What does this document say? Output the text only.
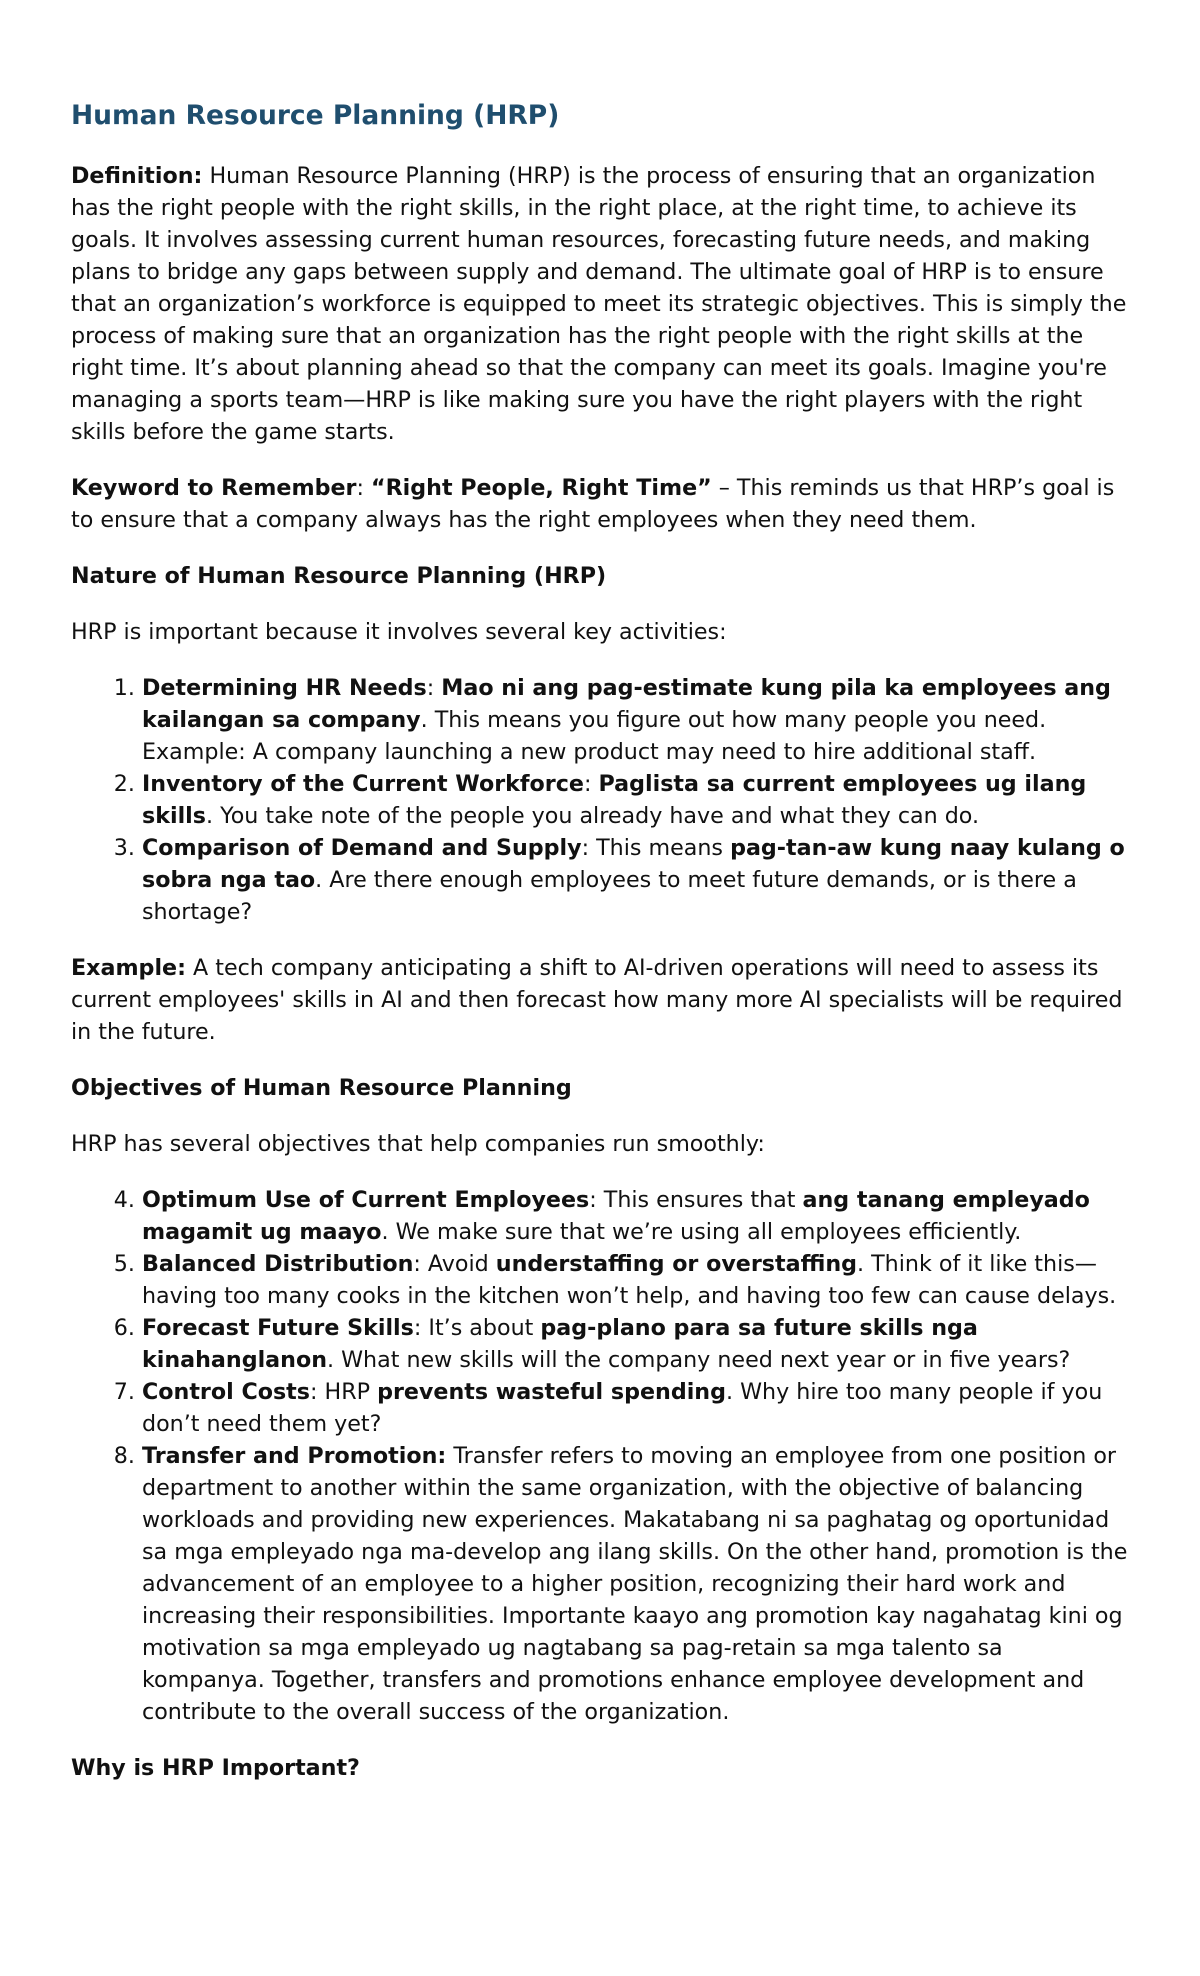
Human Resource Planning (HRP)

Definition: Human Resource Planning (HRP) is the process of ensuring that an organization has the right people with the right skills, in the right place, at the right time, to achieve its goals. It involves assessing current human resources, forecasting future needs, and making plans to bridge any gaps between supply and demand. The ultimate goal of HRP is to ensure that an organization’s workforce is equipped to meet its strategic objectives. This is simply the process of making sure that an organization has the right people with the right skills at the right time. It’s about planning ahead so that the company can meet its goals. Imagine you're managing a sports team—HRP is like making sure you have the right players with the right skills before the game starts.

Keyword to Remember: “Right People, Right Time” – This reminds us that HRP’s goal is to ensure that a company always has the right employees when they need them.

Nature of Human Resource Planning (HRP)

HRP is important because it involves several key activities:

1. Determining HR Needs: Mao ni ang pag-estimate kung pila ka employees ang kailangan sa company. This means you figure out how many people you need. Example: A company launching a new product may need to hire additional staff.
2. Inventory of the Current Workforce: Paglista sa current employees ug ilang skills. You take note of the people you already have and what they can do.
3. Comparison of Demand and Supply: This means pag-tan-aw kung naay kulang o sobra nga tao. Are there enough employees to meet future demands, or is there a shortage?

Example: A tech company anticipating a shift to AI-driven operations will need to assess its current employees' skills in AI and then forecast how many more AI specialists will be required in the future.

Objectives of Human Resource Planning

HRP has several objectives that help companies run smoothly:

4. Optimum Use of Current Employees: This ensures that ang tanang empleyado magamit ug maayo. We make sure that we’re using all employees efficiently.
5. Balanced Distribution: Avoid understaffing or overstaffing. Think of it like this—having too many cooks in the kitchen won’t help, and having too few can cause delays.
6. Forecast Future Skills: It’s about pag-plano para sa future skills nga kinahanglanon. What new skills will the company need next year or in five years?
7. Control Costs: HRP prevents wasteful spending. Why hire too many people if you don’t need them yet?
8. Transfer and Promotion: Transfer refers to moving an employee from one position or department to another within the same organization, with the objective of balancing workloads and providing new experiences. Makatabang ni sa paghatag og oportunidad sa mga empleyado nga ma-develop ang ilang skills. On the other hand, promotion is the advancement of an employee to a higher position, recognizing their hard work and increasing their responsibilities. Importante kaayo ang promotion kay nagahatag kini og motivation sa mga empleyado ug nagtabang sa pag-retain sa mga talento sa kompanya. Together, transfers and promotions enhance employee development and contribute to the overall success of the organization.

Why is HRP Important?
